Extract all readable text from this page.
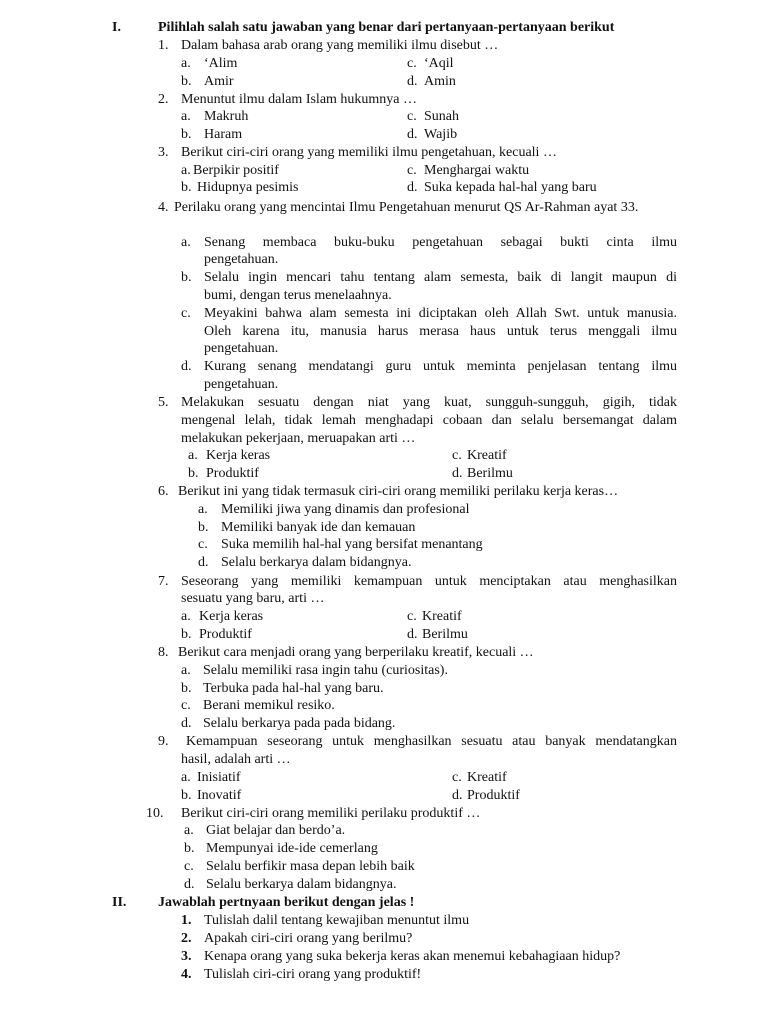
I.	Pilihlah salah satu jawaban yang benar dari pertanyaan-pertanyaan berikut
1. Dalam bahasa arab orang yang memiliki ilmu disebut …
a. ‘Alim	c. ‘Aqil
b. Amir	d. Amin
2. Menuntut ilmu dalam Islam hukumnya …
a. Makruh	c. Sunah
b. Haram	d. Wajib
3. Berikut ciri-ciri orang yang memiliki ilmu pengetahuan, kecuali …
a. Berpikir positif	c. Menghargai waktu
b. Hidupnya pesimis	d. Suka kepada hal-hal yang baru
4. Perilaku orang yang mencintai Ilmu Pengetahuan menurut QS Ar-Rahman ayat 33.
a. Senang membaca buku-buku pengetahuan sebagai bukti cinta ilmu
pengetahuan.
b. Selalu ingin mencari tahu tentang alam semesta, baik di langit maupun di
bumi, dengan terus menelaahnya.
c. Meyakini bahwa alam semesta ini diciptakan oleh Allah Swt. untuk manusia.
Oleh karena itu, manusia harus merasa haus untuk terus menggali ilmu
pengetahuan.
d. Kurang senang mendatangi guru untuk meminta penjelasan tentang ilmu
pengetahuan.
5. Melakukan sesuatu dengan niat yang kuat, sungguh-sungguh, gigih, tidak
mengenal lelah, tidak lemah menghadapi cobaan dan selalu bersemangat dalam
melakukan pekerjaan, meruapakan arti …
a. Kerja keras	c. Kreatif
b. Produktif	d. Berilmu
6. Berikut ini yang tidak termasuk ciri-ciri orang memiliki perilaku kerja keras…
a. Memiliki jiwa yang dinamis dan profesional
b. Memiliki banyak ide dan kemauan
c. Suka memilih hal-hal yang bersifat menantang
d. Selalu berkarya dalam bidangnya.
7. Seseorang yang memiliki kemampuan untuk menciptakan atau menghasilkan
sesuatu yang baru, arti …
a. Kerja keras	c. Kreatif
b. Produktif	d. Berilmu
8. Berikut cara menjadi orang yang berperilaku kreatif, kecuali …
a. Selalu memiliki rasa ingin tahu (curiositas).
b. Terbuka pada hal-hal yang baru.
c. Berani memikul resiko.
d. Selalu berkarya pada pada bidang.
9. Kemampuan seseorang untuk menghasilkan sesuatu atau banyak mendatangkan
hasil, adalah arti …
a. Inisiatif	c. Kreatif
b. Inovatif	d. Produktif
10. Berikut ciri-ciri orang memiliki perilaku produktif …
a. Giat belajar dan berdo’a.
b. Mempunyai ide-ide cemerlang
c. Selalu berfikir masa depan lebih baik
d. Selalu berkarya dalam bidangnya.
II. Jawablah pertnyaan berikut dengan jelas !
1. Tulislah dalil tentang kewajiban menuntut ilmu
2. Apakah ciri-ciri orang yang berilmu?
3. Kenapa orang yang suka bekerja keras akan menemui kebahagiaan hidup?
4. Tulislah ciri-ciri orang yang produktif!
